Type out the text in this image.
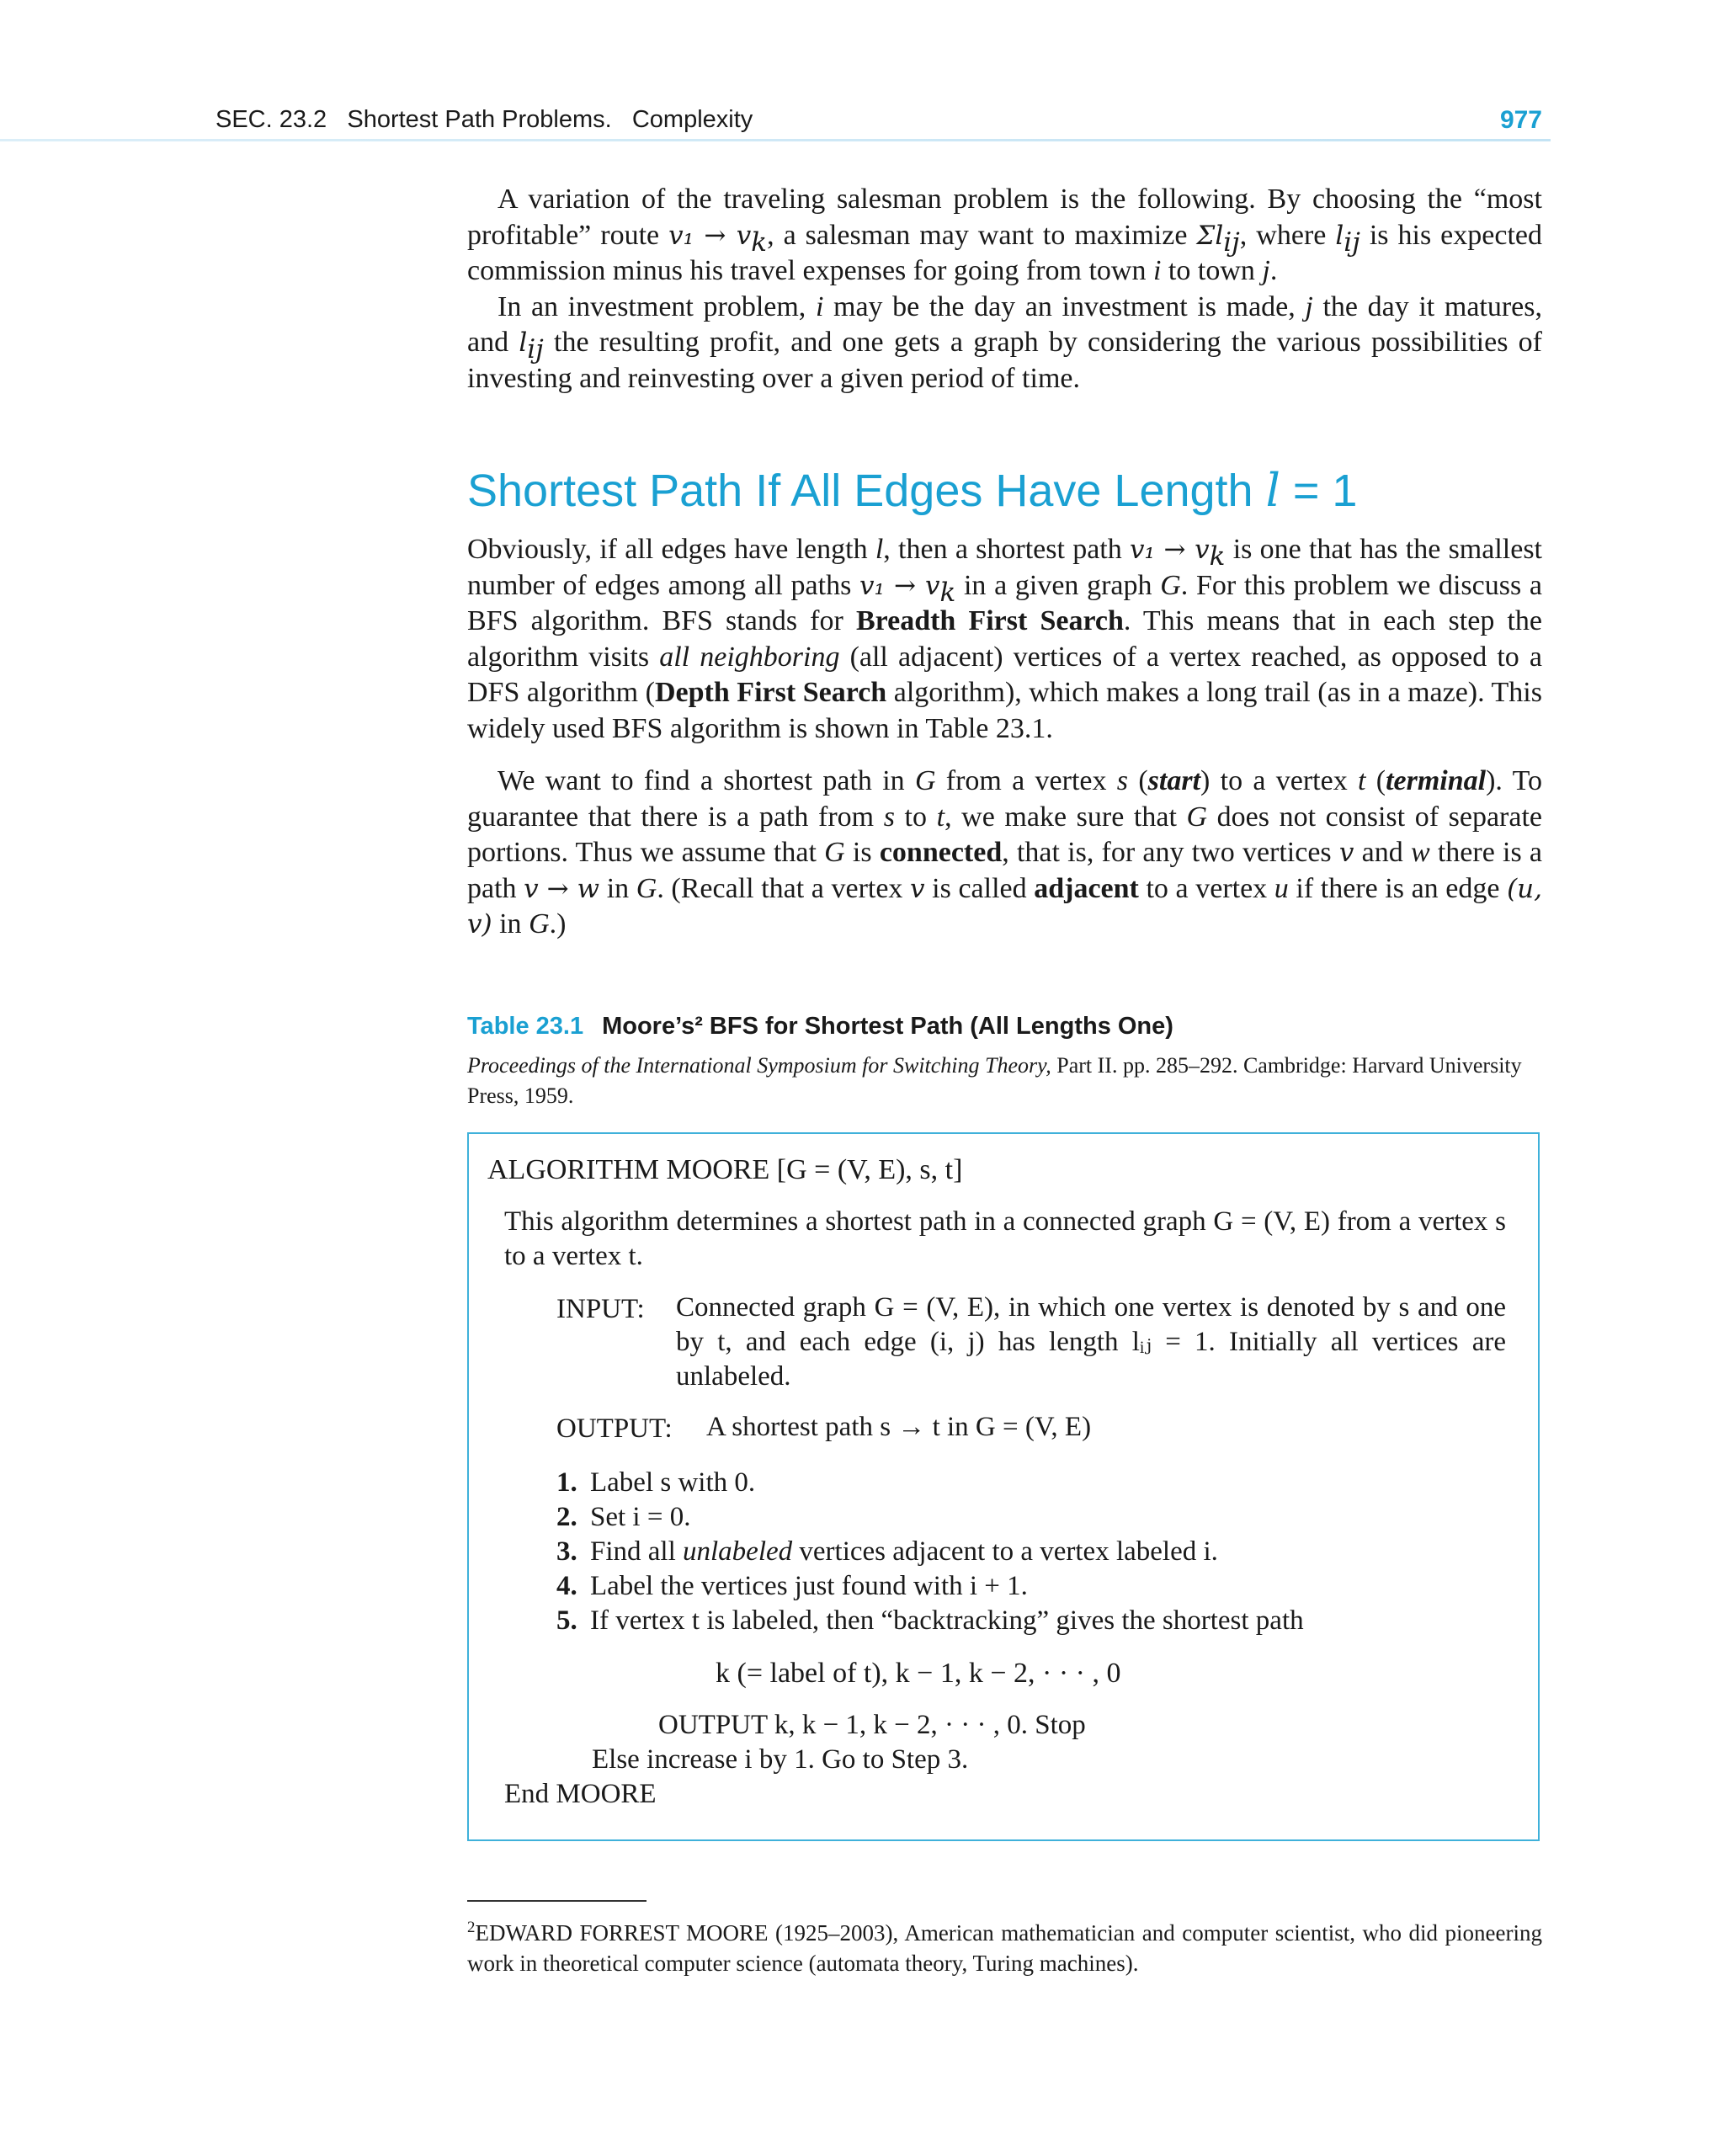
SEC. 23.2   Shortest Path Problems.   Complexity	977

A variation of the traveling salesman problem is the following. By choosing the “most profitable” route $v_1 \to v_k$, a salesman may want to maximize $\Sigma l_{ij}$, where $l_{ij}$ is his expected commission minus his travel expenses for going from town i to town j.

In an investment problem, i may be the day an investment is made, j the day it matures, and $l_{ij}$ the resulting profit, and one gets a graph by considering the various possibilities of investing and reinvesting over a given period of time.

Shortest Path If All Edges Have Length l = 1

Obviously, if all edges have length l, then a shortest path $v_1 \to v_k$ is one that has the smallest number of edges among all paths $v_1 \to v_k$ in a given graph G. For this problem we discuss a BFS algorithm. BFS stands for Breadth First Search. This means that in each step the algorithm visits all neighboring (all adjacent) vertices of a vertex reached, as opposed to a DFS algorithm (Depth First Search algorithm), which makes a long trail (as in a maze). This widely used BFS algorithm is shown in Table 23.1.

We want to find a shortest path in G from a vertex s (start) to a vertex t (terminal). To guarantee that there is a path from s to t, we make sure that G does not consist of separate portions. Thus we assume that G is connected, that is, for any two vertices v and w there is a path v → w in G. (Recall that a vertex v is called adjacent to a vertex u if there is an edge (u, v) in G.)

Table 23.1 Moore’s² BFS for Shortest Path (All Lengths One)
Proceedings of the International Symposium for Switching Theory, Part II. pp. 285–292. Cambridge: Harvard University Press, 1959.
ALGORITHM MOORE [G = (V, E), s, t]
This algorithm determines a shortest path in a connected graph G = (V, E) from a vertex s to a vertex t.
INPUT: Connected graph G = (V, E), in which one vertex is denoted by s and one by t, and each edge (i, j) has length lᵢⱼ = 1. Initially all vertices are unlabeled.
OUTPUT: A shortest path s → t in G = (V, E)
1. Label s with 0.
2. Set i = 0.
3. Find all unlabeled vertices adjacent to a vertex labeled i.
4. Label the vertices just found with i + 1.
5. If vertex t is labeled, then “backtracking” gives the shortest path
k (= label of t), k − 1, k − 2, · · · , 0
OUTPUT k, k − 1, k − 2, · · · , 0. Stop
Else increase i by 1. Go to Step 3.
End MOORE
$^2$EDWARD FORREST MOORE (1925–2003), American mathematician and computer scientist, who did pioneering work in theoretical computer science (automata theory, Turing machines).
